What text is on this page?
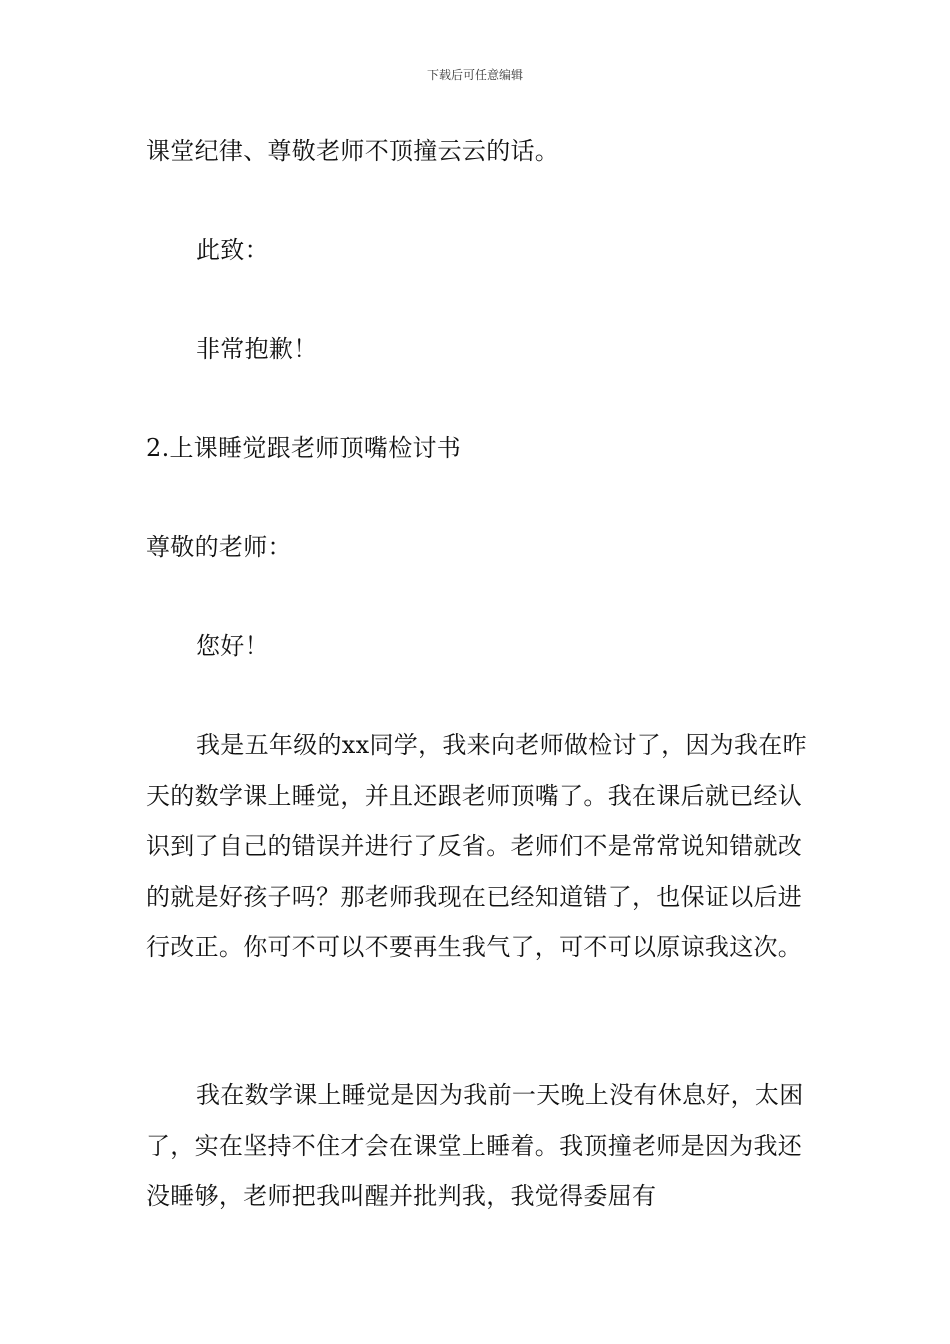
下载后可任意编辑
课堂纪律、尊敬老师不顶撞云云的话。
此致：
非常抱歉！
2.上课睡觉跟老师顶嘴检讨书
尊敬的老师：
您好！
我是五年级的xx同学，我来向老师做检讨了，因为我在昨天的数学课上睡觉，并且还跟老师顶嘴了。我在课后就已经认识到了自己的错误并进行了反省。老师们不是常常说知错就改的就是好孩子吗？那老师我现在已经知道错了，也保证以后进行改正。你可不可以不要再生我气了，可不可以原谅我这次。
我在数学课上睡觉是因为我前一天晚上没有休息好，太困了，实在坚持不住才会在课堂上睡着。我顶撞老师是因为我还没睡够，老师把我叫醒并批判我，我觉得委屈有
